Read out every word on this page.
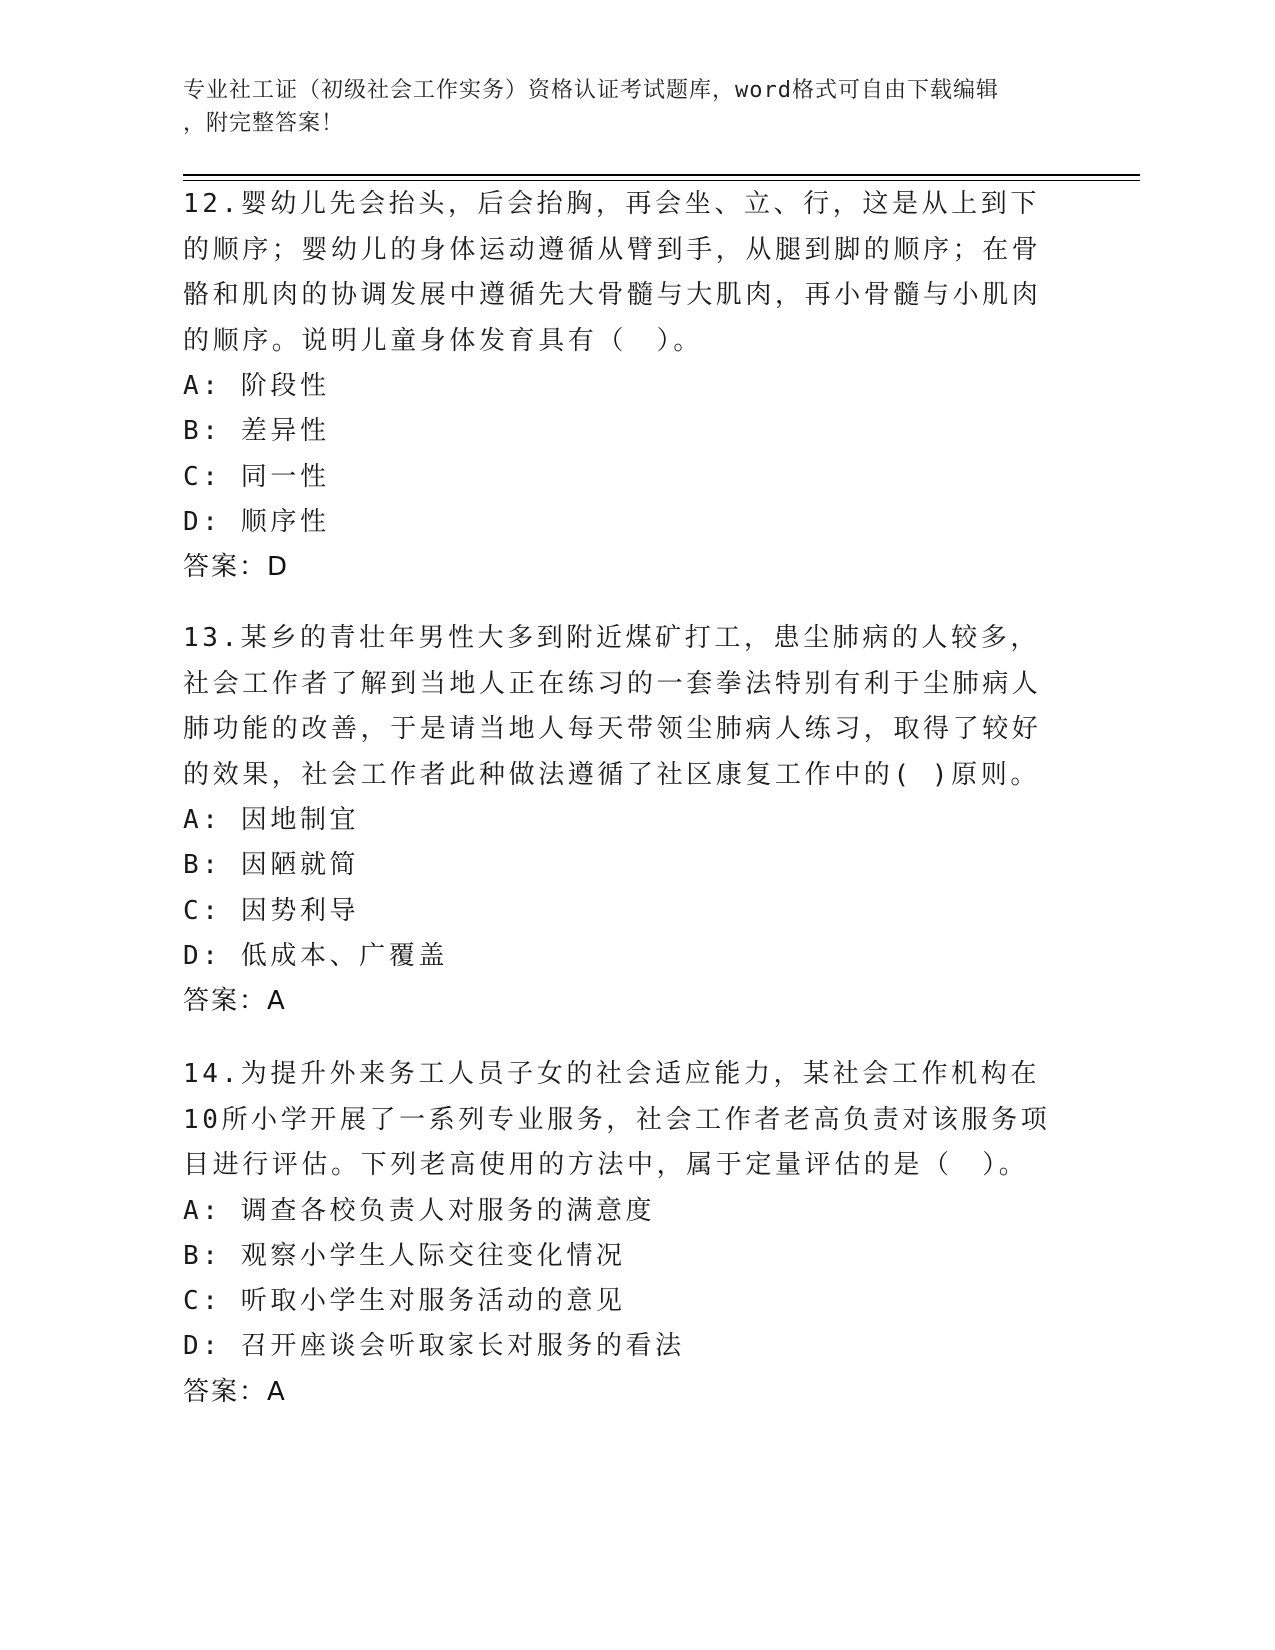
专业社工证（初级社会工作实务）资格认证考试题库，word格式可自由下载编辑
，附完整答案！

12.婴幼儿先会抬头，后会抬胸，再会坐、立、行，这是从上到下的顺序；婴幼儿的身体运动遵循从臂到手，从腿到脚的顺序；在骨骼和肌肉的协调发展中遵循先大骨髓与大肌肉，再小骨髓与小肌肉的顺序。说明儿童身体发育具有（　）。

A: 阶段性
B: 差异性
C: 同一性
D: 顺序性
答案：D

13.某乡的青壮年男性大多到附近煤矿打工，患尘肺病的人较多，社会工作者了解到当地人正在练习的一套拳法特别有利于尘肺病人肺功能的改善，于是请当地人每天带领尘肺病人练习，取得了较好的效果，社会工作者此种做法遵循了社区康复工作中的( )原则。

A: 因地制宜
B: 因陋就简
C: 因势利导
D: 低成本、广覆盖
答案：A

14.为提升外来务工人员子女的社会适应能力，某社会工作机构在10所小学开展了一系列专业服务，社会工作者老高负责对该服务项目进行评估。下列老高使用的方法中，属于定量评估的是（　）。

A: 调查各校负责人对服务的满意度
B: 观察小学生人际交往变化情况
C: 听取小学生对服务活动的意见
D: 召开座谈会听取家长对服务的看法
答案：A
